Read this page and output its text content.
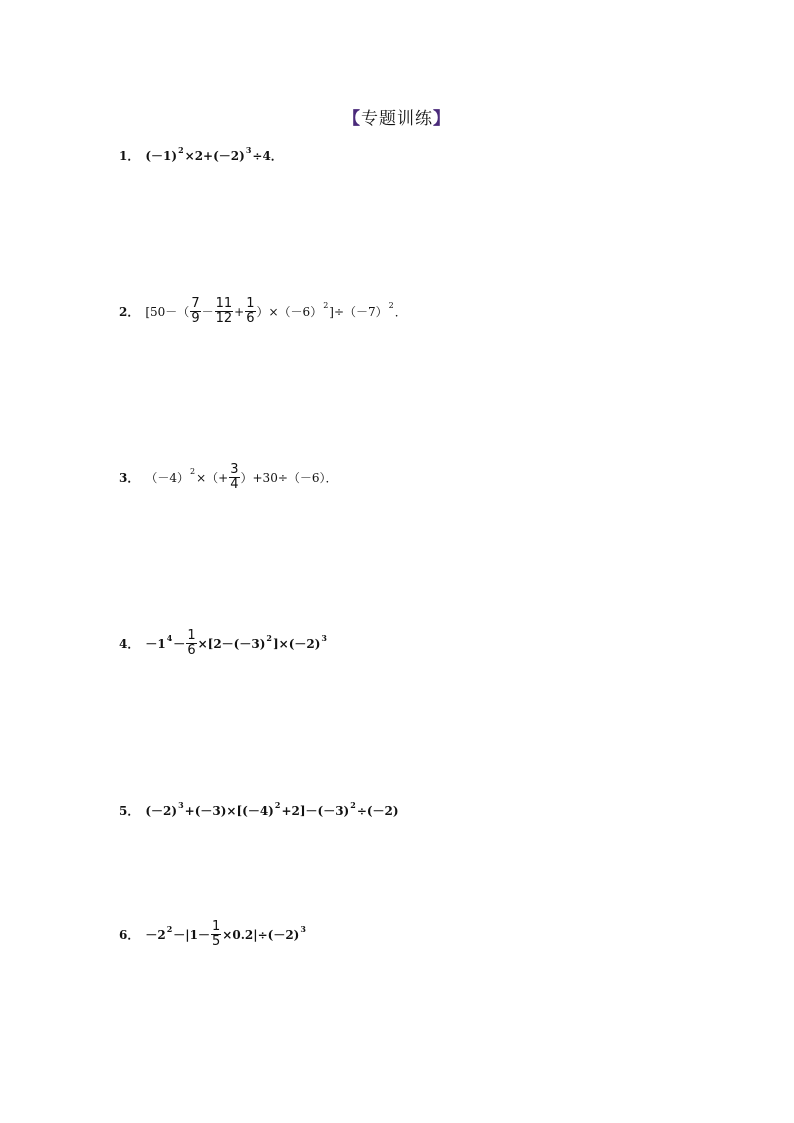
【专题训练】
1． (－1) 2 ×2+(－2) 3 ÷4．
2． [$50-( \frac{7}{9} - \frac{11}{12} + \frac{1}{6} )\times(-6)$ 2 ]÷（－7） 2 ．
3． （－4） 2 ×（+ $\frac{3}{4} )+30\div(-6)$．
4． －1 $4 - \frac{1}{6} \times[2-(-3)$ 2 ]×(－2) 3
5． (－2) 3 +(－3)×[(－4) 2 +2]－(－3) 2 ÷(－2)
6． －2 $2 -|1- \frac{1}{5} \times 0.2| \div(-2)$ 3
